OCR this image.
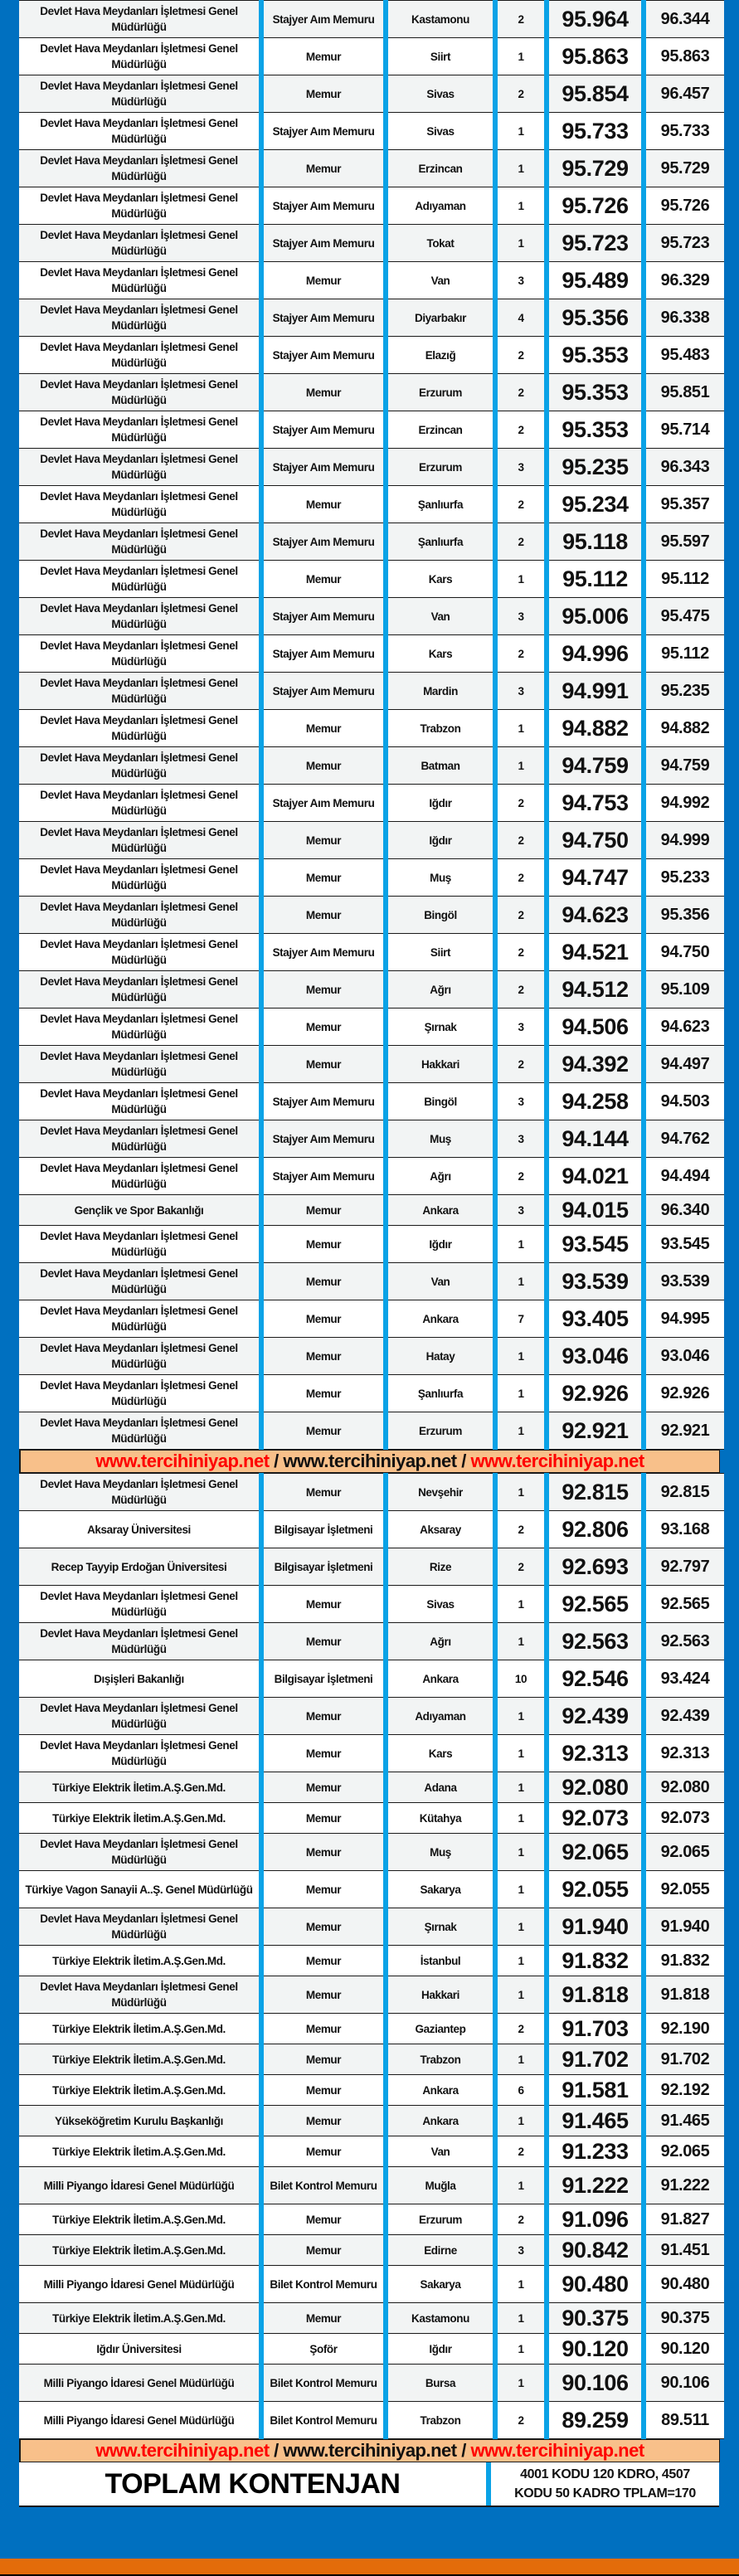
Devlet Hava Meydanları İşletmesi Genel Müdürlüğü	Stajyer Aım Memuru	Kastamonu	2	95.964	96.344
Devlet Hava Meydanları İşletmesi Genel Müdürlüğü	Memur	Siirt	1	95.863	95.863
Devlet Hava Meydanları İşletmesi Genel Müdürlüğü	Memur	Sivas	2	95.854	96.457
Devlet Hava Meydanları İşletmesi Genel Müdürlüğü	Stajyer Aım Memuru	Sivas	1	95.733	95.733
Devlet Hava Meydanları İşletmesi Genel Müdürlüğü	Memur	Erzincan	1	95.729	95.729
Devlet Hava Meydanları İşletmesi Genel Müdürlüğü	Stajyer Aım Memuru	Adıyaman	1	95.726	95.726
Devlet Hava Meydanları İşletmesi Genel Müdürlüğü	Stajyer Aım Memuru	Tokat	1	95.723	95.723
Devlet Hava Meydanları İşletmesi Genel Müdürlüğü	Memur	Van	3	95.489	96.329
Devlet Hava Meydanları İşletmesi Genel Müdürlüğü	Stajyer Aım Memuru	Diyarbakır	4	95.356	96.338
Devlet Hava Meydanları İşletmesi Genel Müdürlüğü	Stajyer Aım Memuru	Elazığ	2	95.353	95.483
Devlet Hava Meydanları İşletmesi Genel Müdürlüğü	Memur	Erzurum	2	95.353	95.851
Devlet Hava Meydanları İşletmesi Genel Müdürlüğü	Stajyer Aım Memuru	Erzincan	2	95.353	95.714
Devlet Hava Meydanları İşletmesi Genel Müdürlüğü	Stajyer Aım Memuru	Erzurum	3	95.235	96.343
Devlet Hava Meydanları İşletmesi Genel Müdürlüğü	Memur	Şanlıurfa	2	95.234	95.357
Devlet Hava Meydanları İşletmesi Genel Müdürlüğü	Stajyer Aım Memuru	Şanlıurfa	2	95.118	95.597
Devlet Hava Meydanları İşletmesi Genel Müdürlüğü	Memur	Kars	1	95.112	95.112
Devlet Hava Meydanları İşletmesi Genel Müdürlüğü	Stajyer Aım Memuru	Van	3	95.006	95.475
Devlet Hava Meydanları İşletmesi Genel Müdürlüğü	Stajyer Aım Memuru	Kars	2	94.996	95.112
Devlet Hava Meydanları İşletmesi Genel Müdürlüğü	Stajyer Aım Memuru	Mardin	3	94.991	95.235
Devlet Hava Meydanları İşletmesi Genel Müdürlüğü	Memur	Trabzon	1	94.882	94.882
Devlet Hava Meydanları İşletmesi Genel Müdürlüğü	Memur	Batman	1	94.759	94.759
Devlet Hava Meydanları İşletmesi Genel Müdürlüğü	Stajyer Aım Memuru	Iğdır	2	94.753	94.992
Devlet Hava Meydanları İşletmesi Genel Müdürlüğü	Memur	Iğdır	2	94.750	94.999
Devlet Hava Meydanları İşletmesi Genel Müdürlüğü	Memur	Muş	2	94.747	95.233
Devlet Hava Meydanları İşletmesi Genel Müdürlüğü	Memur	Bingöl	2	94.623	95.356
Devlet Hava Meydanları İşletmesi Genel Müdürlüğü	Stajyer Aım Memuru	Siirt	2	94.521	94.750
Devlet Hava Meydanları İşletmesi Genel Müdürlüğü	Memur	Ağrı	2	94.512	95.109
Devlet Hava Meydanları İşletmesi Genel Müdürlüğü	Memur	Şırnak	3	94.506	94.623
Devlet Hava Meydanları İşletmesi Genel Müdürlüğü	Memur	Hakkari	2	94.392	94.497
Devlet Hava Meydanları İşletmesi Genel Müdürlüğü	Stajyer Aım Memuru	Bingöl	3	94.258	94.503
Devlet Hava Meydanları İşletmesi Genel Müdürlüğü	Stajyer Aım Memuru	Muş	3	94.144	94.762
Devlet Hava Meydanları İşletmesi Genel Müdürlüğü	Stajyer Aım Memuru	Ağrı	2	94.021	94.494
Gençlik ve Spor Bakanlığı	Memur	Ankara	3	94.015	96.340
Devlet Hava Meydanları İşletmesi Genel Müdürlüğü	Memur	Iğdır	1	93.545	93.545
Devlet Hava Meydanları İşletmesi Genel Müdürlüğü	Memur	Van	1	93.539	93.539
Devlet Hava Meydanları İşletmesi Genel Müdürlüğü	Memur	Ankara	7	93.405	94.995
Devlet Hava Meydanları İşletmesi Genel Müdürlüğü	Memur	Hatay	1	93.046	93.046
Devlet Hava Meydanları İşletmesi Genel Müdürlüğü	Memur	Şanlıurfa	1	92.926	92.926
Devlet Hava Meydanları İşletmesi Genel Müdürlüğü	Memur	Erzurum	1	92.921	92.921
www.tercihiniyap.net / www.tercihiniyap.net / www.tercihiniyap.net
Devlet Hava Meydanları İşletmesi Genel Müdürlüğü	Memur	Nevşehir	1	92.815	92.815
Aksaray Üniversitesi	Bilgisayar İşletmeni	Aksaray	2	92.806	93.168
Recep Tayyip Erdoğan Üniversitesi	Bilgisayar İşletmeni	Rize	2	92.693	92.797
Devlet Hava Meydanları İşletmesi Genel Müdürlüğü	Memur	Sivas	1	92.565	92.565
Devlet Hava Meydanları İşletmesi Genel Müdürlüğü	Memur	Ağrı	1	92.563	92.563
Dışişleri Bakanlığı	Bilgisayar İşletmeni	Ankara	10	92.546	93.424
Devlet Hava Meydanları İşletmesi Genel Müdürlüğü	Memur	Adıyaman	1	92.439	92.439
Devlet Hava Meydanları İşletmesi Genel Müdürlüğü	Memur	Kars	1	92.313	92.313
Türkiye Elektrik İletim.A.Ş.Gen.Md.	Memur	Adana	1	92.080	92.080
Türkiye Elektrik İletim.A.Ş.Gen.Md.	Memur	Kütahya	1	92.073	92.073
Devlet Hava Meydanları İşletmesi Genel Müdürlüğü	Memur	Muş	1	92.065	92.065
Türkiye Vagon Sanayii A..Ş. Genel Müdürlüğü	Memur	Sakarya	1	92.055	92.055
Devlet Hava Meydanları İşletmesi Genel Müdürlüğü	Memur	Şırnak	1	91.940	91.940
Türkiye Elektrik İletim.A.Ş.Gen.Md.	Memur	İstanbul	1	91.832	91.832
Devlet Hava Meydanları İşletmesi Genel Müdürlüğü	Memur	Hakkari	1	91.818	91.818
Türkiye Elektrik İletim.A.Ş.Gen.Md.	Memur	Gaziantep	2	91.703	92.190
Türkiye Elektrik İletim.A.Ş.Gen.Md.	Memur	Trabzon	1	91.702	91.702
Türkiye Elektrik İletim.A.Ş.Gen.Md.	Memur	Ankara	6	91.581	92.192
Yükseköğretim Kurulu Başkanlığı	Memur	Ankara	1	91.465	91.465
Türkiye Elektrik İletim.A.Ş.Gen.Md.	Memur	Van	2	91.233	92.065
Milli Piyango İdaresi Genel Müdürlüğü	Bilet Kontrol Memuru	Muğla	1	91.222	91.222
Türkiye Elektrik İletim.A.Ş.Gen.Md.	Memur	Erzurum	2	91.096	91.827
Türkiye Elektrik İletim.A.Ş.Gen.Md.	Memur	Edirne	3	90.842	91.451
Milli Piyango İdaresi Genel Müdürlüğü	Bilet Kontrol Memuru	Sakarya	1	90.480	90.480
Türkiye Elektrik İletim.A.Ş.Gen.Md.	Memur	Kastamonu	1	90.375	90.375
Iğdır Üniversitesi	Şoför	Iğdır	1	90.120	90.120
Milli Piyango İdaresi Genel Müdürlüğü	Bilet Kontrol Memuru	Bursa	1	90.106	90.106
Milli Piyango İdaresi Genel Müdürlüğü	Bilet Kontrol Memuru	Trabzon	2	89.259	89.511
www.tercihiniyap.net / www.tercihiniyap.net / www.tercihiniyap.net
TOPLAM KONTENJAN	4001 KODU 120 KDRO, 4507
KODU 50 KADRO TPLAM=170
